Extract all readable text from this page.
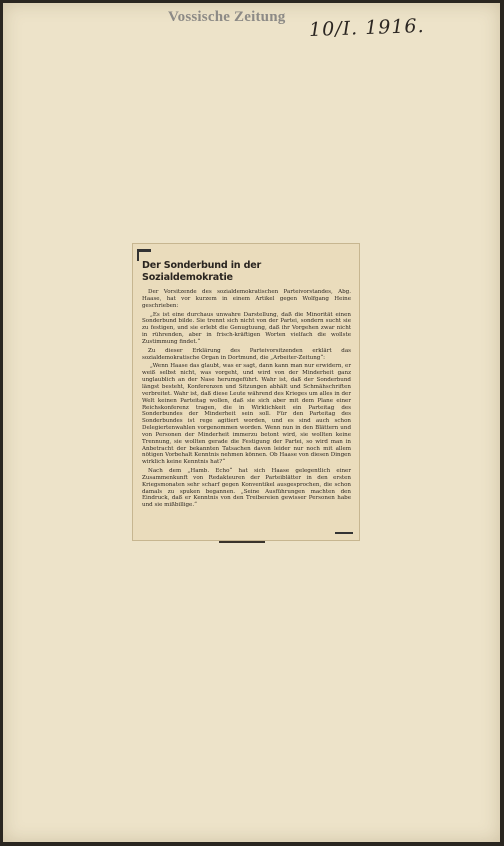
Vossische Zeitung 10/I. 1916.
Der Sonderbund in der Sozialdemokratie

Der Vorsitzende des sozialdemokratischen Parteivorstandes, Abg. Haase, hat vor kurzem in einem Artikel gegen Wolfgang Heine geschrieben:

„Es ist eine durchaus unwahre Darstellung, daß die Minorität einen Sonderbund bilde. Sie trennt sich nicht von der Partei, sondern sucht sie zu festigen, und sie erlebt die Genugtuung, daß ihr Vorgehen zwar nicht in rührenden, aber in frisch-kräftigen Worten vielfach die wollste Zustimmung findet.“

Zu dieser Erklärung des Parteivorsitzenden erklärt das sozialdemokratische Organ in Dortmund, die „Arbeiter-Zeitung“:

„Wenn Haase das glaubt, was er sagt, dann kann man nur erwidern, er weiß selbst nicht, was vorgeht, und wird von der Minderheit ganz unglaublich an der Nase herumgeführt. Wahr ist, daß der Sonderbund längst besteht, Konferenzen und Sitzungen abhält und Schmähschriften verbreitet. Wahr ist, daß diese Leute während des Krieges um alles in der Welt keinen Parteitag wollen, daß sie sich aber mit dem Plane einer Reichskonferenz tragen, die in Wirklichkeit ein Parteitag des Sonderbundes der Minderheit sein soll. Für den Parteitag des Sonderbundes ist rege agitiert worden, und es sind auch schon Delegiertenwahlen vorgenommen worden. Wenn nun in den Blättern und von Personen der Minderheit immerzu betont wird, sie wollten keine Trennung, sie wollten gerade die Festigung der Partei, so wird man in Anbetracht der bekannten Tatsachen davon leider nur noch mit allem nötigen Vorbehalt Kenntnis nehmen können. Ob Haase von diesen Dingen wirklich keine Kenntnis hat?“

Nach dem „Hamb. Echo“ hat sich Haase gelegentlich einer Zusammenkunft von Redakteuren der Parteiblätter in den ersten Kriegsmonaten sehr scharf gegen Konventikel ausgesprochen, die schon damals zu spuken begannen. „Seine Ausführungen machten den Eindruck, daß er Kenntnis von den Treibereien gewisser Personen habe und sie mißbillige.“
